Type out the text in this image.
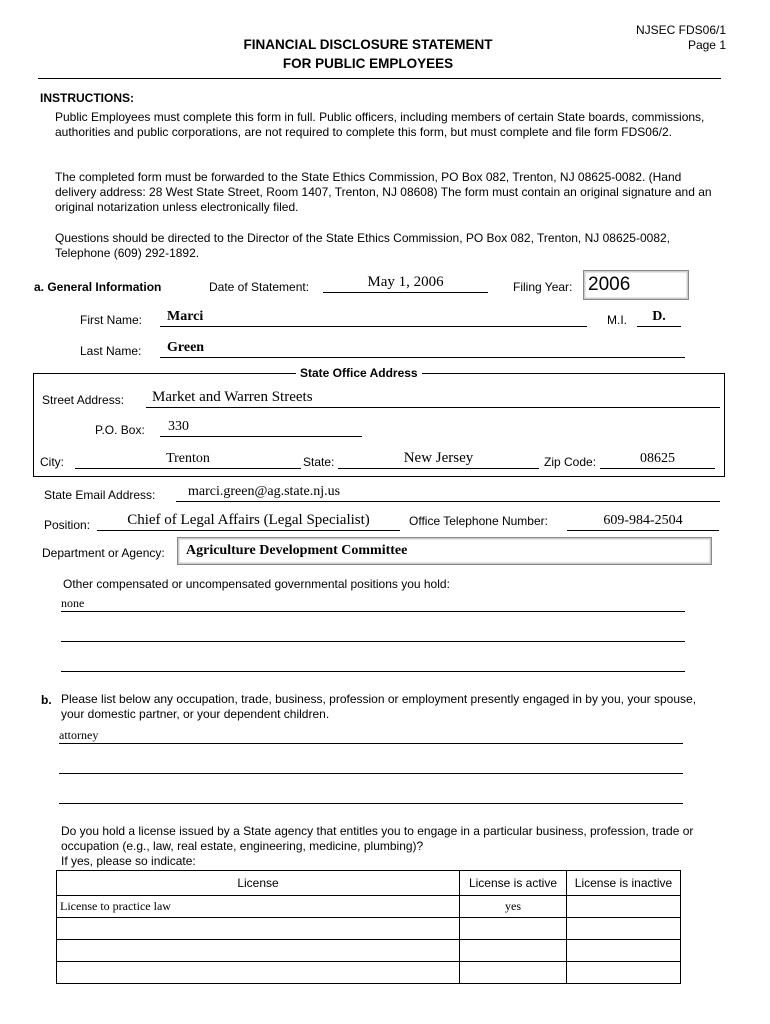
NJSEC FDS06/1
Page 1
FINANCIAL DISCLOSURE STATEMENT
FOR PUBLIC EMPLOYEES
INSTRUCTIONS:
Public Employees must complete this form in full. Public officers, including members of certain State boards, commissions, authorities and public corporations, are not required to complete this form, but must complete and file form FDS06/2.
The completed form must be forwarded to the State Ethics Commission, PO Box 082, Trenton, NJ 08625-0082. (Hand delivery address: 28 West State Street, Room 1407, Trenton, NJ 08608) The form must contain an original signature and an original notarization unless electronically filed.
Questions should be directed to the Director of the State Ethics Commission, PO Box 082, Trenton, NJ 08625-0082, Telephone (609) 292-1892.
a. General Information	Date of Statement:	May 1, 2006	Filing Year: 2006
First Name:	Marci	M.I.	D.
Last Name:	Green
State Office Address
Street Address:	Market and Warren Streets
P.O. Box:	330
City:	Trenton	State:	New Jersey	Zip Code:	08625
State Email Address:	marci.green@ag.state.nj.us
Position:	Chief of Legal Affairs (Legal Specialist)	Office Telephone Number:	609-984-2504
Department or Agency:	Agriculture Development Committee
Other compensated or uncompensated governmental positions you hold:
none
b. Please list below any occupation, trade, business, profession or employment presently engaged in by you, your spouse, your domestic partner, or your dependent children.
attorney
Do you hold a license issued by a State agency that entitles you to engage in a particular business, profession, trade or occupation (e.g., law, real estate, engineering, medicine, plumbing)?
If yes, please so indicate:
License	License is active	License is inactive
License to practice law	yes	
